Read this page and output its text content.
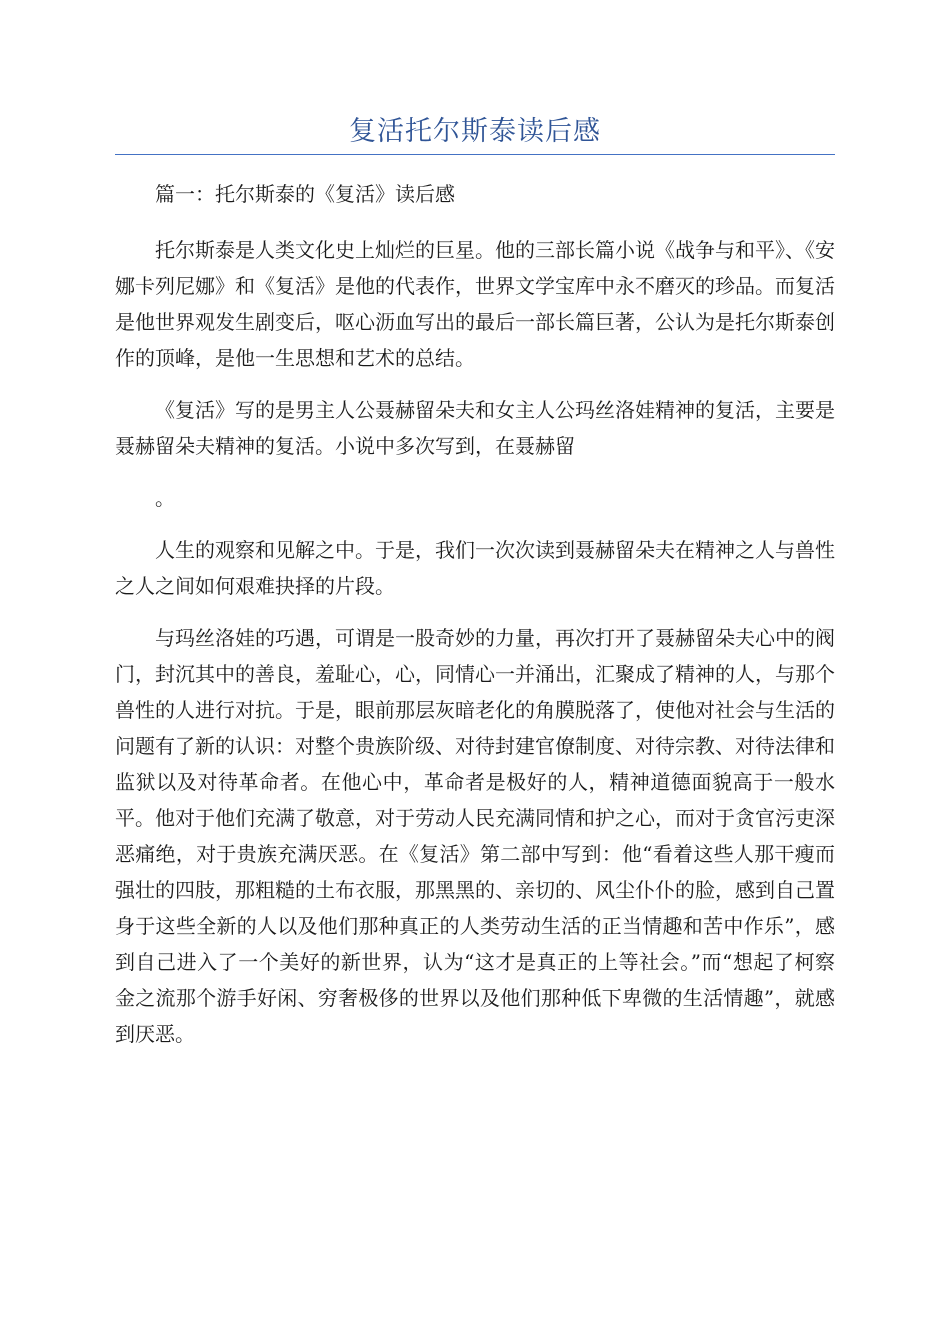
复活托尔斯泰读后感

篇一：托尔斯泰的《复活》读后感

托尔斯泰是人类文化史上灿烂的巨星。他的三部长篇小说《战争与和平》、《安娜卡列尼娜》和《复活》是他的代表作，世界文学宝库中永不磨灭的珍品。而复活是他世界观发生剧变后，呕心沥血写出的最后一部长篇巨著，公认为是托尔斯泰创作的顶峰，是他一生思想和艺术的总结。

《复活》写的是男主人公聂赫留朵夫和女主人公玛丝洛娃精神的复活，主要是聂赫留朵夫精神的复活。小说中多次写到，在聂赫留

。

人生的观察和见解之中。于是，我们一次次读到聂赫留朵夫在精神之人与兽性之人之间如何艰难抉择的片段。

与玛丝洛娃的巧遇，可谓是一股奇妙的力量，再次打开了聂赫留朵夫心中的阀门，封沉其中的善良，羞耻心，心，同情心一并涌出，汇聚成了精神的人，与那个兽性的人进行对抗。于是，眼前那层灰暗老化的角膜脱落了，使他对社会与生活的问题有了新的认识：对整个贵族阶级、对待封建官僚制度、对待宗教、对待法律和监狱以及对待革命者。在他心中，革命者是极好的人，精神道德面貌高于一般水平。他对于他们充满了敬意，对于劳动人民充满同情和护之心，而对于贪官污吏深恶痛绝，对于贵族充满厌恶。在《复活》第二部中写到：他“看着这些人那干瘦而强壮的四肢，那粗糙的土布衣服，那黑黑的、亲切的、风尘仆仆的脸，感到自己置身于这些全新的人以及他们那种真正的人类劳动生活的正当情趣和苦中作乐”，感到自己进入了一个美好的新世界，认为“这才是真正的上等社会。”而“想起了柯察金之流那个游手好闲、穷奢极侈的世界以及他们那种低下卑微的生活情趣”，就感到厌恶。
